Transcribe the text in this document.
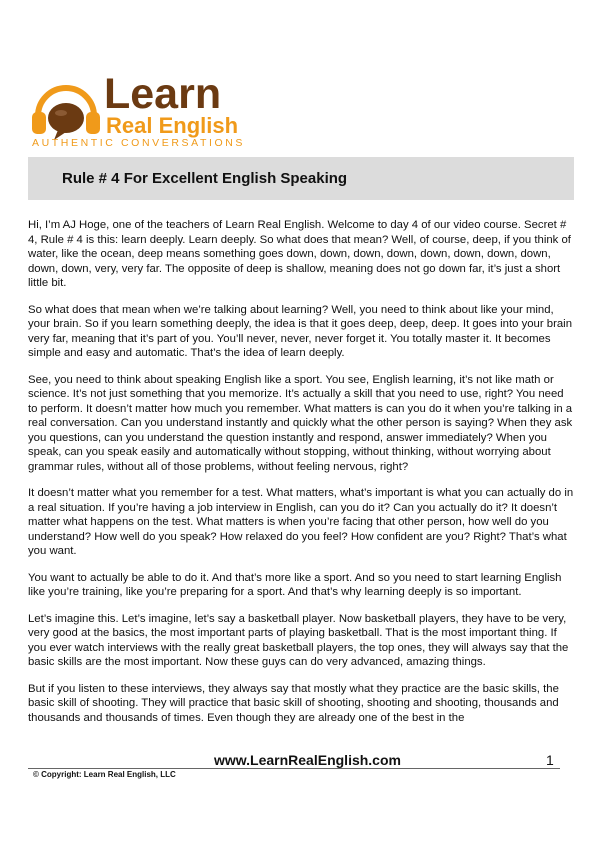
Learn
Real English
AUTHENTIC CONVERSATIONS
Rule # 4 For Excellent English Speaking

Hi, I’m AJ Hoge, one of the teachers of Learn Real English. Welcome to day 4 of our video course. Secret # 4, Rule # 4 is this: learn deeply. Learn deeply. So what does that mean? Well, of course, deep, if you think of water, like the ocean, deep means something goes down, down, down, down, down, down, down, down, down, down, very, very far. The opposite of deep is shallow, meaning does not go down far, it’s just a short little bit.

So what does that mean when we’re talking about learning? Well, you need to think about like your mind, your brain. So if you learn something deeply, the idea is that it goes deep, deep, deep. It goes into your brain very far, meaning that it’s part of you. You’ll never, never, never forget it. You totally master it. It becomes simple and easy and automatic. That’s the idea of learn deeply.

See, you need to think about speaking English like a sport. You see, English learning, it’s not like math or science. It’s not just something that you memorize. It’s actually a skill that you need to use, right? You need to perform. It doesn’t matter how much you remember. What matters is can you do it when you’re talking in a real conversation. Can you understand instantly and quickly what the other person is saying? When they ask you questions, can you understand the question instantly and respond, answer immediately? When you speak, can you speak easily and automatically without stopping, without thinking, without worrying about grammar rules, without all of those problems, without feeling nervous, right?

It doesn’t matter what you remember for a test. What matters, what’s important is what you can actually do in a real situation. If you’re having a job interview in English, can you do it? Can you actually do it? It doesn’t matter what happens on the test. What matters is when you’re facing that other person, how well do you understand? How well do you speak? How relaxed do you feel? How confident are you? Right? That’s what you want.

You want to actually be able to do it. And that’s more like a sport. And so you need to start learning English like you’re training, like you’re preparing for a sport. And that’s why learning deeply is so important.

Let’s imagine this. Let’s imagine, let’s say a basketball player. Now basketball players, they have to be very, very good at the basics, the most important parts of playing basketball. That is the most important thing. If you ever watch interviews with the really great basketball players, the top ones, they will always say that the basic skills are the most important. Now these guys can do very advanced, amazing things.

But if you listen to these interviews, they always say that mostly what they practice are the basic skills, the basic skill of shooting. They will practice that basic skill of shooting, shooting and shooting, thousands and thousands and thousands of times. Even though they are already one of the best in the

www.LearnRealEnglish.com	1
© Copyright: Learn Real English, LLC
